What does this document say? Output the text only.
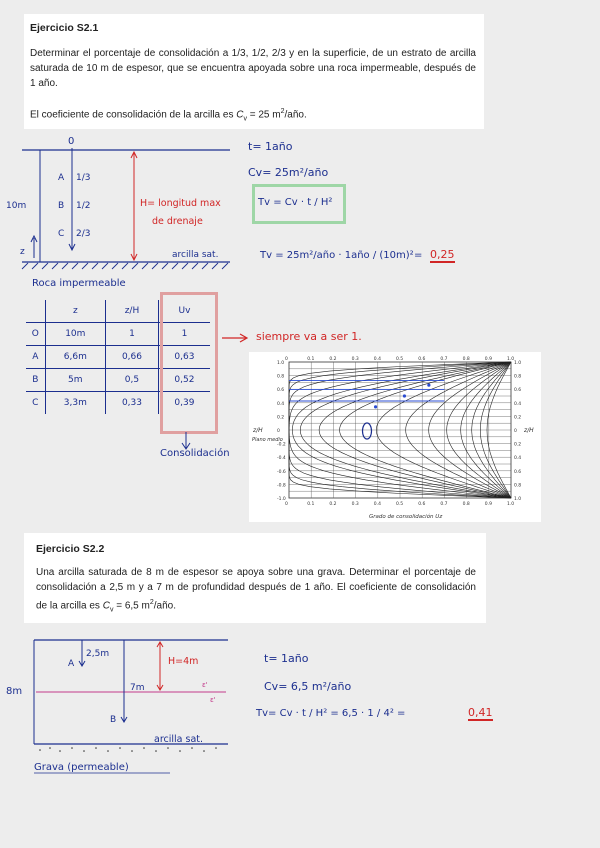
Ejercicio S2.1

Determinar el porcentaje de consolidación a 1/3, 1/2, 2/3 y en la superficie, de un estrato de arcilla saturada de 10 m de espesor, que se encuentra apoyada sobre una roca impermeable, después de 1 año.

El coeficiente de consolidación de la arcilla es $C_v = 25$ $m^2$/año.

0
10m
z
A
B
C
1/3
1/2
2/3
H= longitud max
de drenaje
arcilla sat.
Roca impermeable
t= 1año
Cv= 25m²/año
Tv = Cv · t / H²
Tv = 25m²/año · 1año / (10m)² = 0,25
	z	z/H	Uv
O	10m	1	1
A	6,6m	0,66	0,63
B	5m	0,5	0,52
C	3,3m	0,33	0,39
siempre va a ser 1.
Consolidación
0	0.1	0.2	0.3	0.4	0.5	0.6	0.7	0.8	0.9	1.0
0	0.1	0.2	0.3	0.4	0.5	0.6	0.7	0.8	0.9	1.0
1.0
0.8
0.6
0.4
0.2
0
-0.2
-0.4
-0.6
-0.8
-1.0
1.0
0.8
0.6
0.4
0.2
0
0.2
0.4
0.6
0.8
1.0
Plano medio
z/H	z/H
Grado de consolidación Uz
Ejercicio S2.2

Una arcilla saturada de 8 m de espesor se apoya sobre una grava. Determinar el porcentaje de consolidación a 2,5 m y a 7 m de profundidad después de 1 año. El coeficiente de consolidación de la arcilla es $C_v = 6,5$ $m^2$/año.

8m
2,5m
A
7m
B
H=4m
ε'
ε'
arcilla sat.
Grava (permeable)
t= 1año
Cv= 6,5 m²/año
Tv= Cv · t / H² = 6,5 · 1 / 4² =	0,41
